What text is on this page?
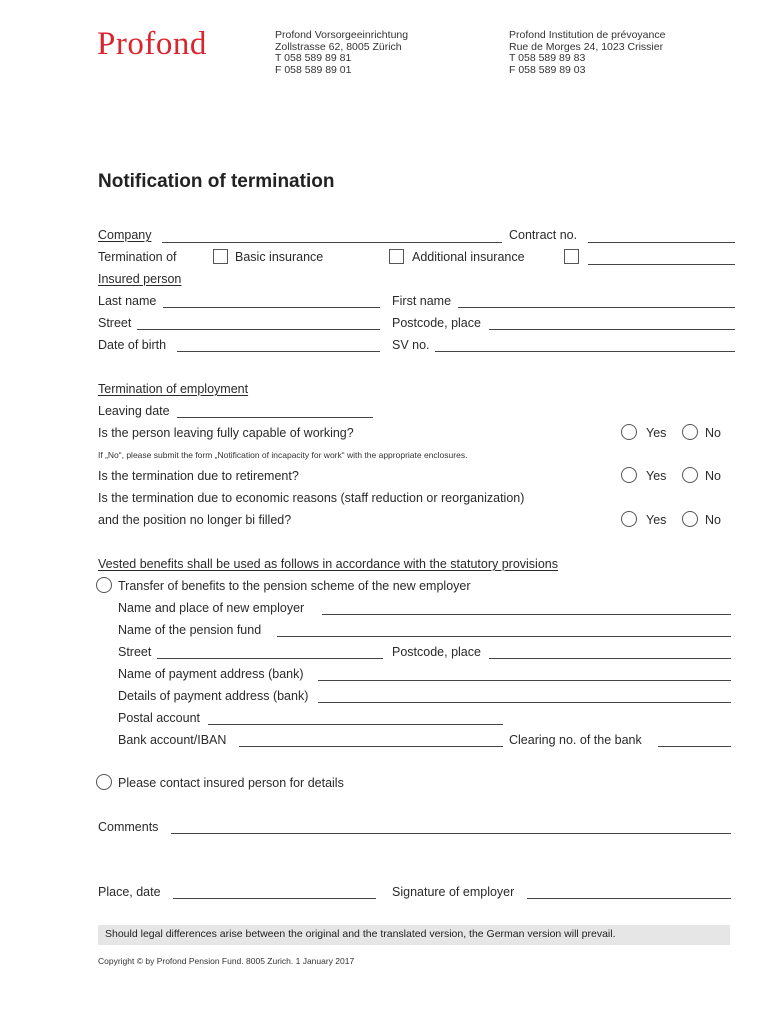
Profond	Profond Vorsorgeeinrichtung
Zollstrasse 62, 8005 Zürich
T 058 589 89 81
F 058 589 89 01
Profond Institution de prévoyance
Rue de Morges 24, 1023 Crissier
T 058 589 89 83
F 058 589 89 03
Notification of termination
Company	Contract no.
Termination of	Basic insurance	Additional insurance
Insured person
Last name	First name
Street	Postcode, place
Date of birth	SV no.
Termination of employment
Leaving date
Is the person leaving fully capable of working?	Yes	No
If „No“, please submit the form „Notification of incapacity for work“ with the appropriate enclosures.
Is the termination due to retirement?	Yes	No
Is the termination due to economic reasons (staff reduction or reorganization)
and the position no longer bi filled?	Yes	No
Vested benefits shall be used as follows in accordance with the statutory provisions
Transfer of benefits to the pension scheme of the new employer
Name and place of new employer
Name of the pension fund
Street	Postcode, place
Name of payment address (bank)
Details of payment address (bank)
Postal account
Bank account/IBAN	Clearing no. of the bank
Please contact insured person for details
Comments
Place, date	Signature of employer
Should legal differences arise between the original and the translated version, the German version will prevail.
Copyright © by Profond Pension Fund. 8005 Zurich. 1 January 2017
